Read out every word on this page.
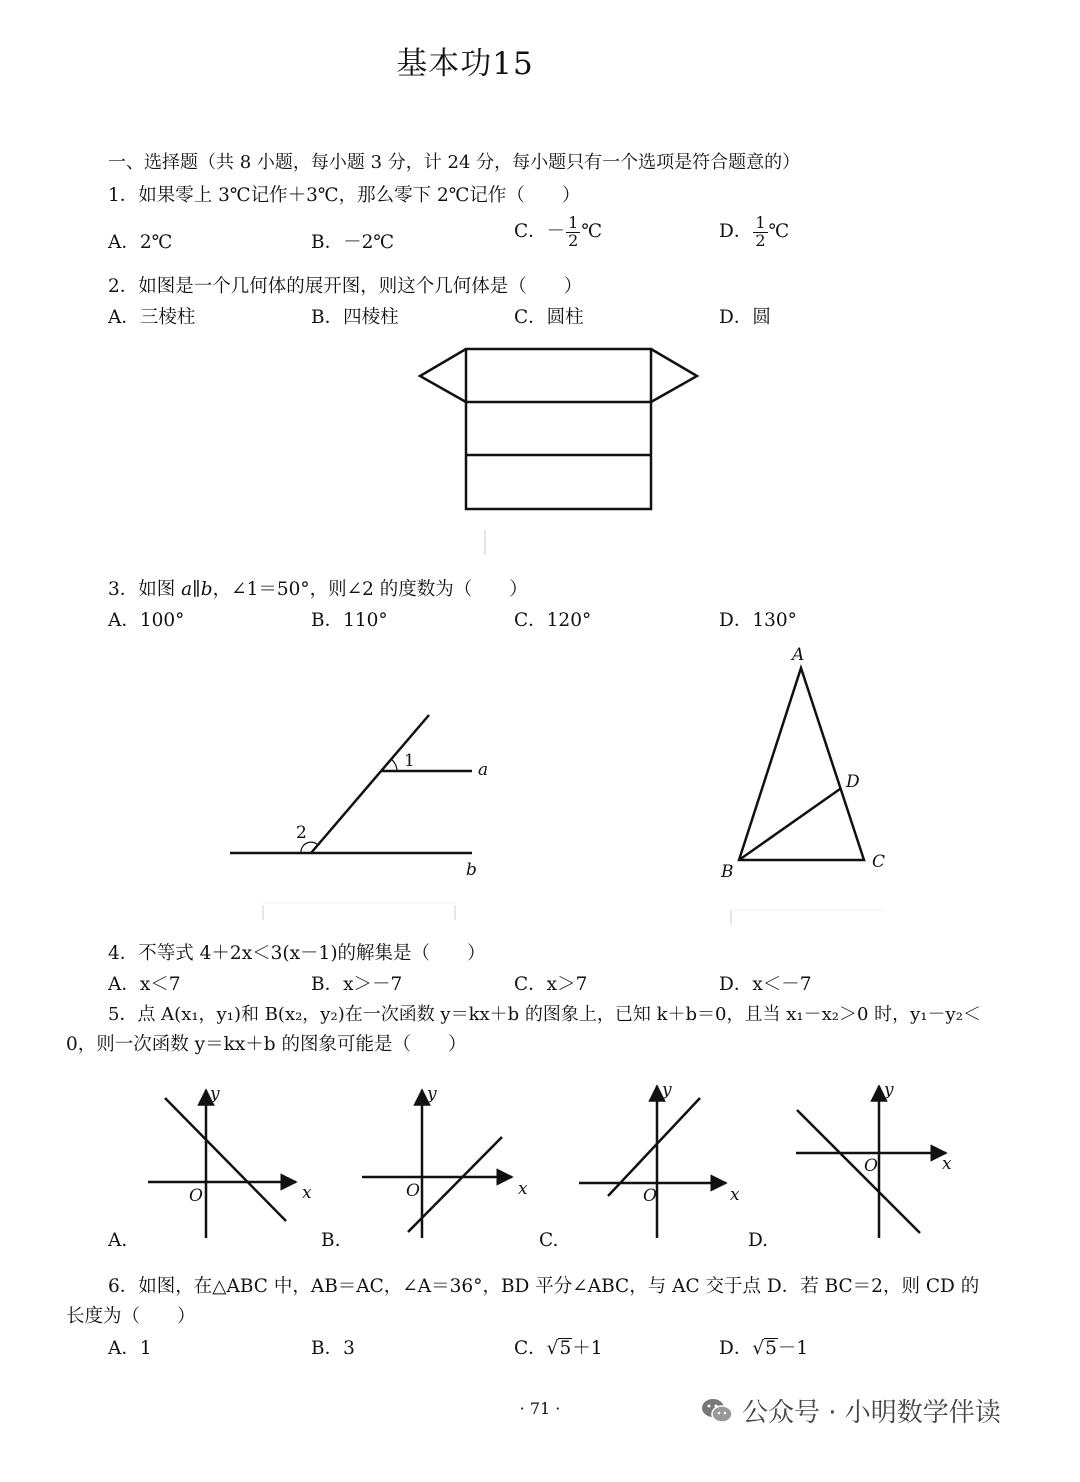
基本功15
一、选择题（共 8 小题，每小题 3 分，计 24 分，每小题只有一个选项是符合题意的）
1．如果零上 3℃记作＋3℃，那么零下 2℃记作（　　）
A．2℃	B．－2℃
C．－ $\frac{1}{2}$ ℃	D． $\frac{1}{2}$ ℃
2．如图是一个几何体的展开图，则这个几何体是（　　）
A．三棱柱	B．四棱柱	C．圆柱	D．圆
3．如图 a∥b，∠1＝50°，则∠2 的度数为（　　）
A．100°	B．110°	C．120°	D．130°
1
2
a
b
A
B	C
D
4．不等式 4＋2x＜3(x－1)的解集是（　　）
A．x＜7	B．x＞－7	C．x＞7	D．x＜－7
5．点 A(x₁，y₁)和 B(x₂，y₂)在一次函数 y＝kx＋b 的图象上，已知 k＋b＝0，且当 x₁－x₂＞0 时，y₁－y₂＜
0，则一次函数 y＝kx＋b 的图象可能是（　　）
y
x
O
y
x
O
y
x
O
y
x
O
A.	B.	C.	D.
6．如图，在△ABC 中，AB＝AC，∠A＝36°，BD 平分∠ABC，与 AC 交于点 D．若 BC＝2，则 CD 的
长度为（　　）
A．1	B．3	C．√5＋1	D．√5－1
· 71 ·	公众号 · 小明数学伴读
